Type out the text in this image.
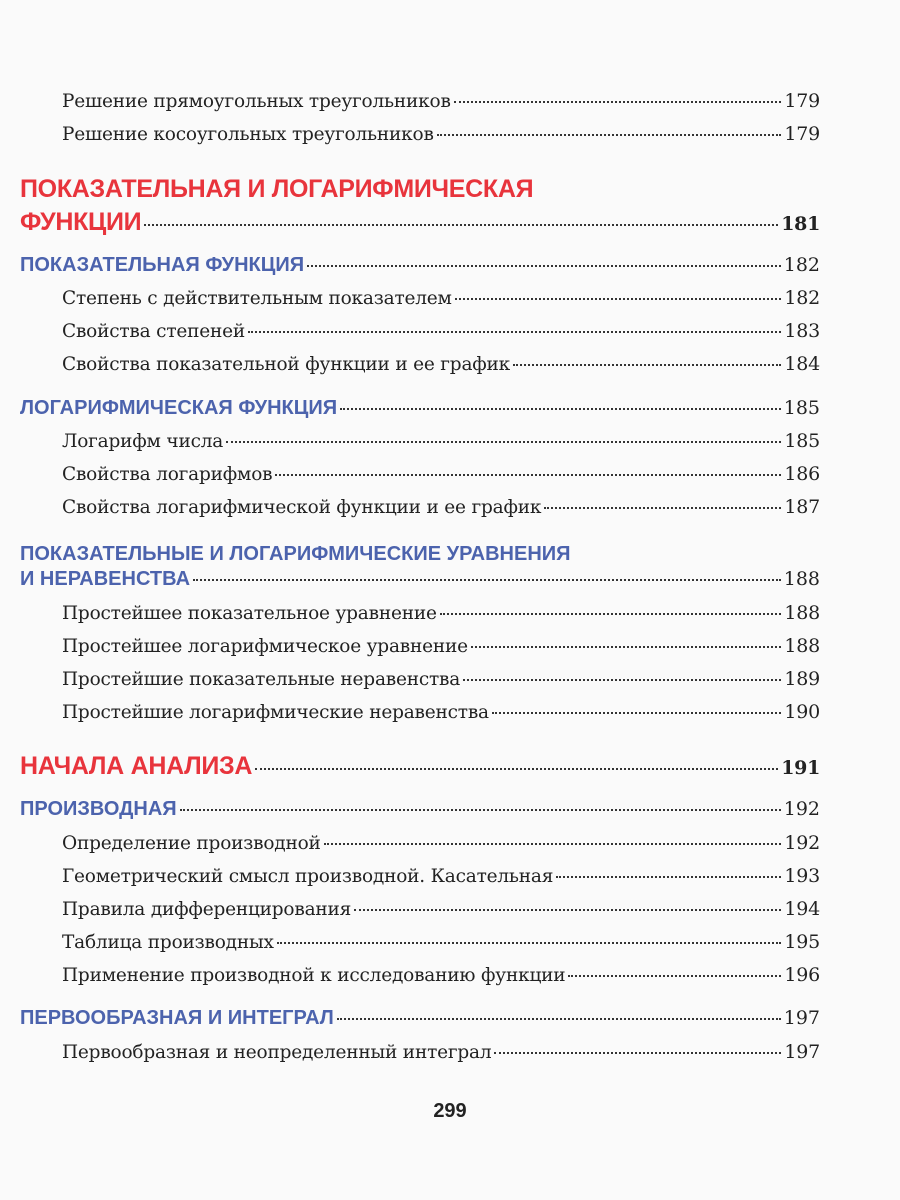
Решение прямоугольных треугольников	179
Решение косоугольных треугольников	179
ПОКАЗАТЕЛЬНАЯ И ЛОГАРИФМИЧЕСКАЯ
ФУНКЦИИ	181
ПОКАЗАТЕЛЬНАЯ ФУНКЦИЯ	182
Степень с действительным показателем	182
Свойства степеней	183
Свойства показательной функции и ее график	184
ЛОГАРИФМИЧЕСКАЯ ФУНКЦИЯ	185
Логарифм числа	185
Свойства логарифмов	186
Свойства логарифмической функции и ее график	187
ПОКАЗАТЕЛЬНЫЕ И ЛОГАРИФМИЧЕСКИЕ УРАВНЕНИЯ
И НЕРАВЕНСТВА	188
Простейшее показательное уравнение	188
Простейшее логарифмическое уравнение	188
Простейшие показательные неравенства	189
Простейшие логарифмические неравенства	190
НАЧАЛА АНАЛИЗА	191
ПРОИЗВОДНАЯ	192
Определение производной	192
Геометрический смысл производной. Касательная	193
Правила дифференцирования	194
Таблица производных	195
Применение производной к исследованию функции	196
ПЕРВООБРАЗНАЯ И ИНТЕГРАЛ	197
Первообразная и неопределенный интеграл	197
299
